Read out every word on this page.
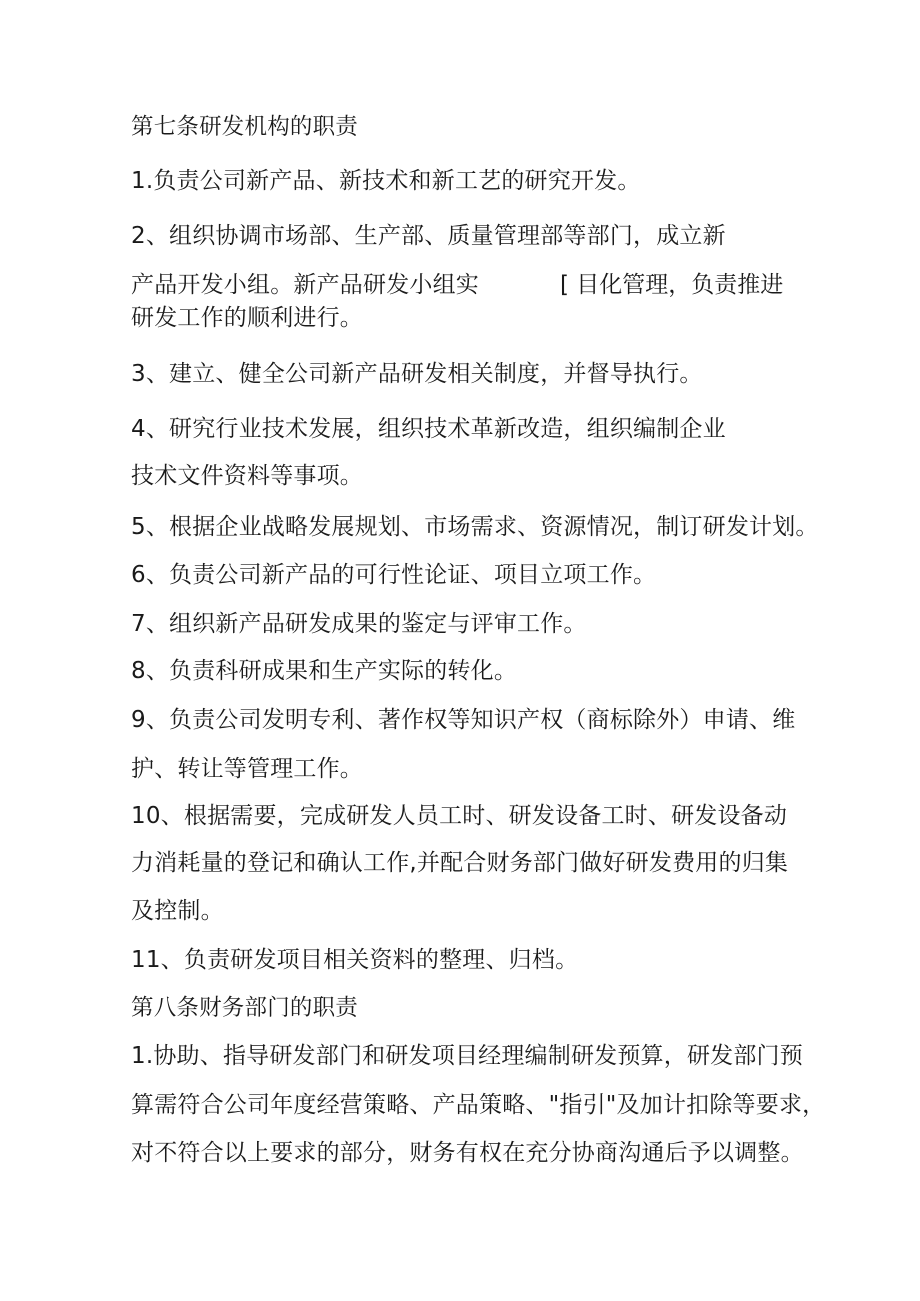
第七条研发机构的职责
1.负责公司新产品、新技术和新工艺的研究开发。
2、组织协调市场部、生产部、质量管理部等部门，成立新
产品开发小组。新产品研发小组实	[ 目化管理，负责推进
研发工作的顺利进行。
3、建立、健全公司新产品研发相关制度，并督导执行。
4、研究行业技术发展，组织技术革新改造，组织编制企业
技术文件资料等事项。
5、根据企业战略发展规划、市场需求、资源情况，制订研发计划。
6、负责公司新产品的可行性论证、项目立项工作。
7、组织新产品研发成果的鉴定与评审工作。
8、负责科研成果和生产实际的转化。
9、负责公司发明专利、著作权等知识产权（商标除外）申请、维
护、转让等管理工作。
10、根据需要，完成研发人员工时、研发设备工时、研发设备动
力消耗量的登记和确认工作,并配合财务部门做好研发费用的归集
及控制。
11、负责研发项目相关资料的整理、归档。
第八条财务部门的职责
1.协助、指导研发部门和研发项目经理编制研发预算，研发部门预
算需符合公司年度经营策略、产品策略、"指引"及加计扣除等要求，
对不符合以上要求的部分，财务有权在充分协商沟通后予以调整。
